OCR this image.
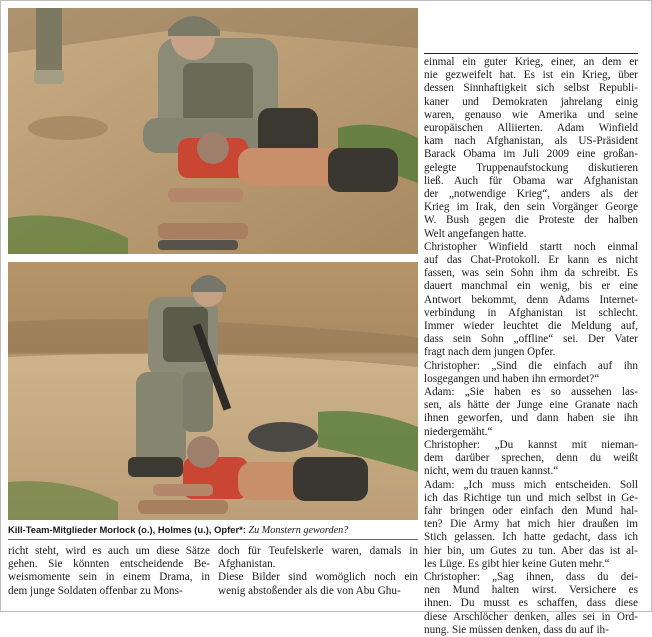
Kill-Team-Mitglieder Morlock (o.), Holmes (u.), Opfer*: Zu Monstern geworden?
einmal ein guter Krieg, einer, an dem er
nie gezweifelt hat. Es ist ein Krieg, über
dessen Sinnhaftigkeit sich selbst Republi-
kaner und Demokraten jahrelang einig
waren, genauso wie Amerika und seine
europäischen Alliierten. Adam Winfield
kam nach Afghanistan, als US-Präsident
Barack Obama im Juli 2009 eine großan-
gelegte Truppenaufstockung diskutieren
ließ. Auch für Obama war Afghanistan
der „notwendige Krieg“, anders als der
Krieg im Irak, den sein Vorgänger George
W. Bush gegen die Proteste der halben
Welt angefangen hatte.
Christopher Winfield startt noch einmal
auf das Chat-Protokoll. Er kann es nicht
fassen, was sein Sohn ihm da schreibt. Es
dauert manchmal ein wenig, bis er eine
Antwort bekommt, denn Adams Internet-
verbindung in Afghanistan ist schlecht.
Immer wieder leuchtet die Meldung auf,
dass sein Sohn „offline“ sei. Der Vater
fragt nach dem jungen Opfer.
Christopher: „Sind die einfach auf ihn
losgegangen und haben ihn ermordet?“
Adam: „Sie haben es so aussehen las-
sen, als hätte der Junge eine Granate nach
ihnen geworfen, und dann haben sie ihn
niedergemäht.“
Christopher: „Du kannst mit nieman-
dem darüber sprechen, denn du weißt
nicht, wem du trauen kannst.“
Adam: „Ich muss mich entscheiden. Soll
ich das Richtige tun und mich selbst in Ge-
fahr bringen oder einfach den Mund hal-
ten? Die Army hat mich hier draußen im
Stich gelassen. Ich hatte gedacht, dass ich
hier bin, um Gutes zu tun. Aber das ist al-
les Lüge. Es gibt hier keine Guten mehr.“
Christopher: „Sag ihnen, dass du dei-
nen Mund halten wirst. Versichere es
ihnen. Du musst es schaffen, dass diese
diese Arschlöcher denken, alles sei in Ord-
nung. Sie müssen denken, dass du auf ih-
richt steht, wird es auch um diese Sätze
gehen. Sie könnten entscheidende Be-
weismomente sein in einem Drama, in
dem junge Soldaten offenbar zu Mons-
doch für Teufelskerle waren, damals in
Afghanistan.
Diese Bilder sind womöglich noch ein
wenig abstoßender als die von Abu Ghu-
